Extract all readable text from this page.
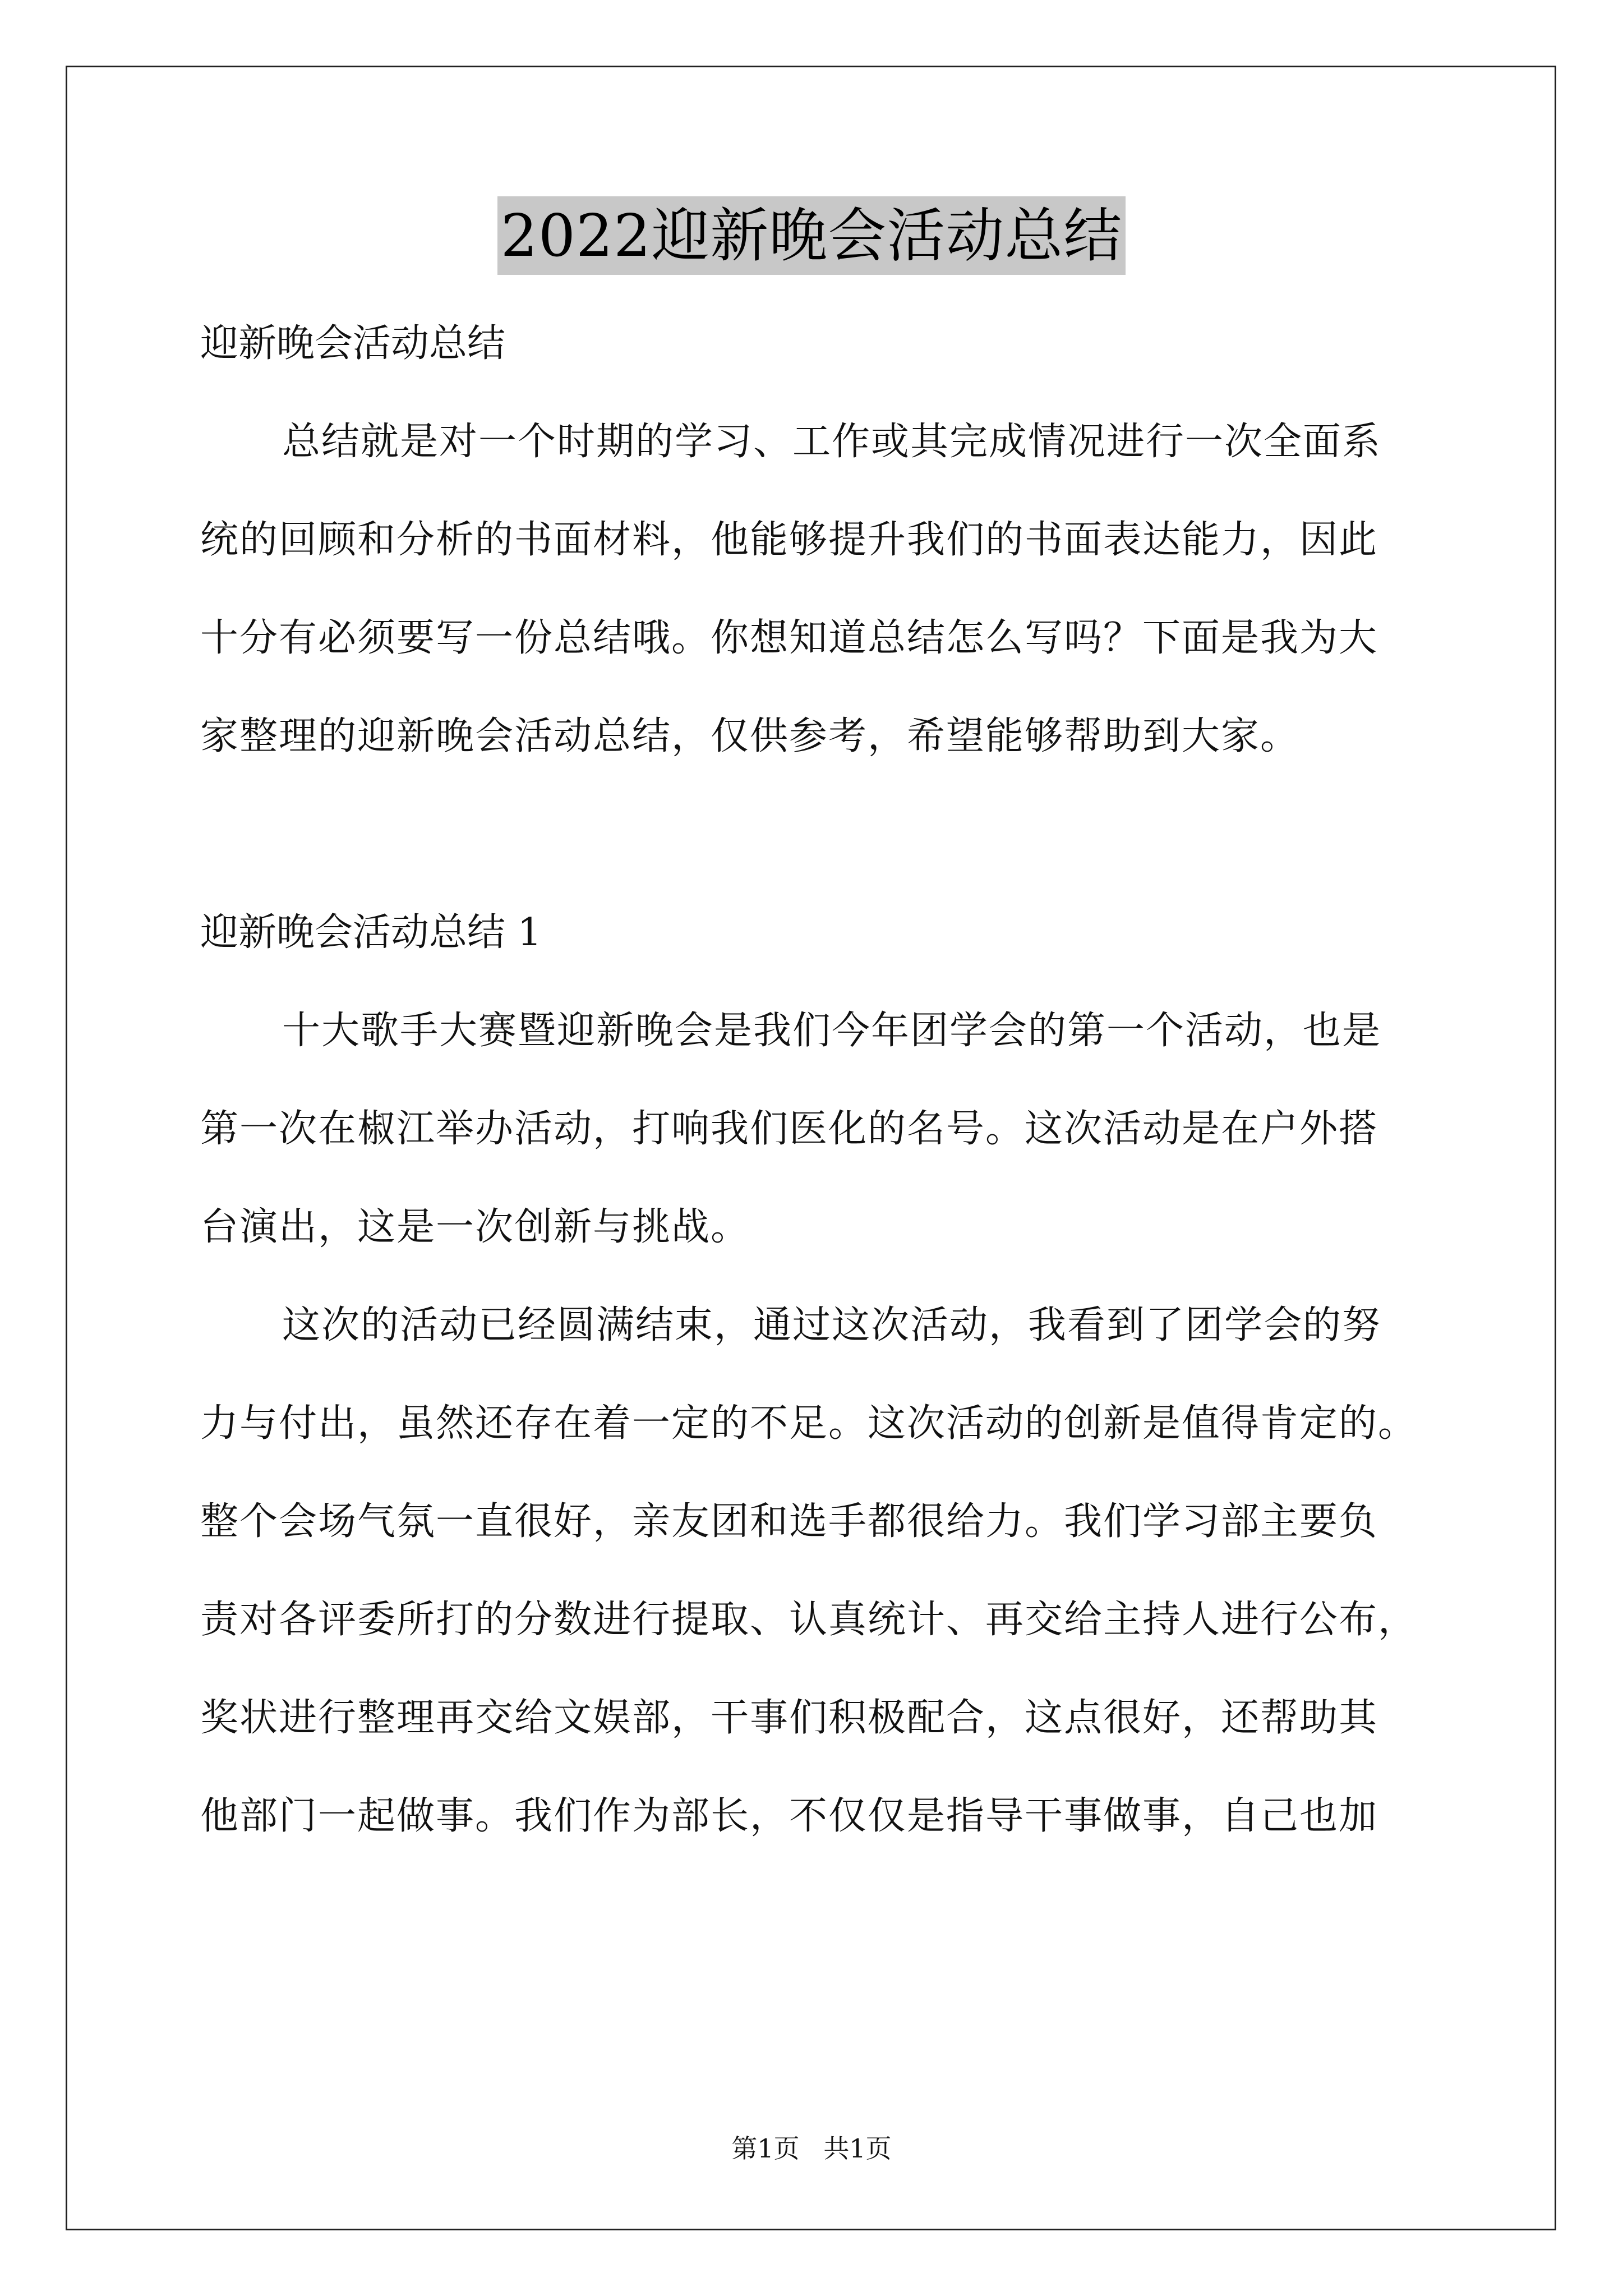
2022迎新晚会活动总结

迎新晚会活动总结

总结就是对一个时期的学习、工作或其完成情况进行一次全面系

统的回顾和分析的书面材料，他能够提升我们的书面表达能力，因此

十分有必须要写一份总结哦。你想知道总结怎么写吗？下面是我为大

家整理的迎新晚会活动总结，仅供参考，希望能够帮助到大家。

迎新晚会活动总结 1

十大歌手大赛暨迎新晚会是我们今年团学会的第一个活动，也是

第一次在椒江举办活动，打响我们医化的名号。这次活动是在户外搭

台演出，这是一次创新与挑战。

这次的活动已经圆满结束，通过这次活动，我看到了团学会的努

力与付出，虽然还存在着一定的不足。这次活动的创新是值得肯定的。

整个会场气氛一直很好，亲友团和选手都很给力。我们学习部主要负

责对各评委所打的分数进行提取、认真统计、再交给主持人进行公布，

奖状进行整理再交给文娱部，干事们积极配合，这点很好，还帮助其

他部门一起做事。我们作为部长，不仅仅是指导干事做事，自己也加

第1页 共1页
